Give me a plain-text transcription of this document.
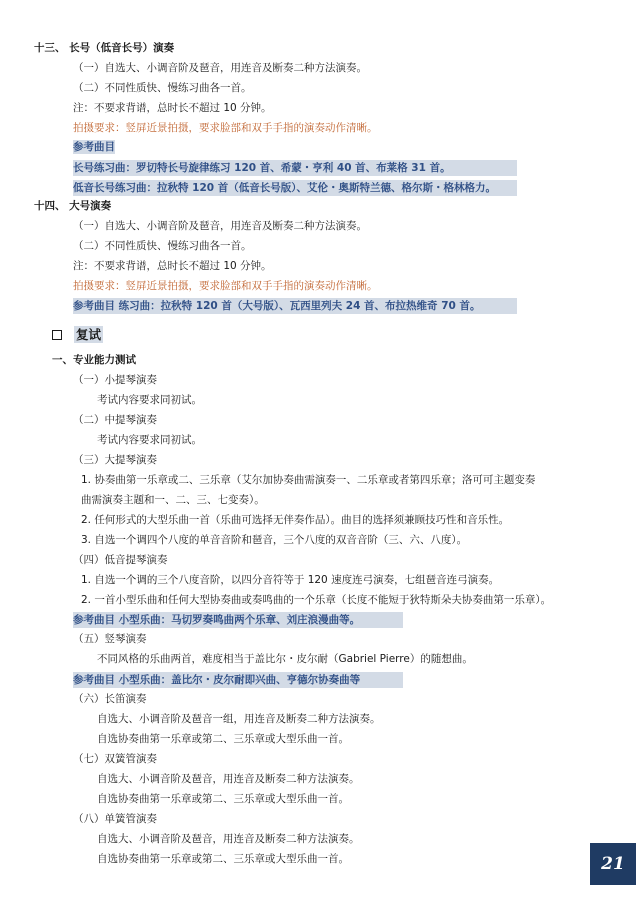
十三、 长号（低音长号）演奏
（一）自选大、小调音阶及琶音，用连音及断奏二种方法演奏。
（二）不同性质快、慢练习曲各一首。
注：不要求背谱，总时长不超过 10 分钟。
拍摄要求：竖屏近景拍摄，要求脸部和双手手指的演奏动作清晰。
参考曲目
长号练习曲：罗切特长号旋律练习 120 首、希蒙・亨利 40 首、布莱格 31 首。
低音长号练习曲：拉秋特 120 首（低音长号版）、艾伦・奥斯特兰德、格尔斯・格林格力。
十四、 大号演奏
（一）自选大、小调音阶及琶音，用连音及断奏二种方法演奏。
（二）不同性质快、慢练习曲各一首。
注：不要求背谱，总时长不超过 10 分钟。
拍摄要求：竖屏近景拍摄，要求脸部和双手手指的演奏动作清晰。
参考曲目 练习曲：拉秋特 120 首（大号版）、瓦西里列夫 24 首、布拉热维奇 70 首。
复试
一、专业能力测试
（一）小提琴演奏
考试内容要求同初试。
（二）中提琴演奏
考试内容要求同初试。
（三）大提琴演奏
1. 协奏曲第一乐章或二、三乐章（艾尔加协奏曲需演奏一、二乐章或者第四乐章；洛可可主题变奏
曲需演奏主题和一、二、三、七变奏）。
2. 任何形式的大型乐曲一首（乐曲可选择无伴奏作品）。曲目的选择须兼顾技巧性和音乐性。
3. 自选一个调四个八度的单音音阶和琶音，三个八度的双音音阶（三、六、八度）。
（四）低音提琴演奏
1. 自选一个调的三个八度音阶，以四分音符等于 120 速度连弓演奏，七组琶音连弓演奏。
2. 一首小型乐曲和任何大型协奏曲或奏鸣曲的一个乐章（长度不能短于狄特斯朵夫协奏曲第一乐章）。
参考曲目 小型乐曲：马切罗奏鸣曲两个乐章、刘庄浪漫曲等。
（五）竖琴演奏
不同风格的乐曲两首，难度相当于盖比尔・皮尔耐（Gabriel Pierre）的随想曲。
参考曲目 小型乐曲：盖比尔・皮尔耐即兴曲、亨德尔协奏曲等
（六）长笛演奏
自选大、小调音阶及琶音一组，用连音及断奏二种方法演奏。
自选协奏曲第一乐章或第二、三乐章或大型乐曲一首。
（七）双簧管演奏
自选大、小调音阶及琶音，用连音及断奏二种方法演奏。
自选协奏曲第一乐章或第二、三乐章或大型乐曲一首。
（八）单簧管演奏
自选大、小调音阶及琶音，用连音及断奏二种方法演奏。
自选协奏曲第一乐章或第二、三乐章或大型乐曲一首。	21
